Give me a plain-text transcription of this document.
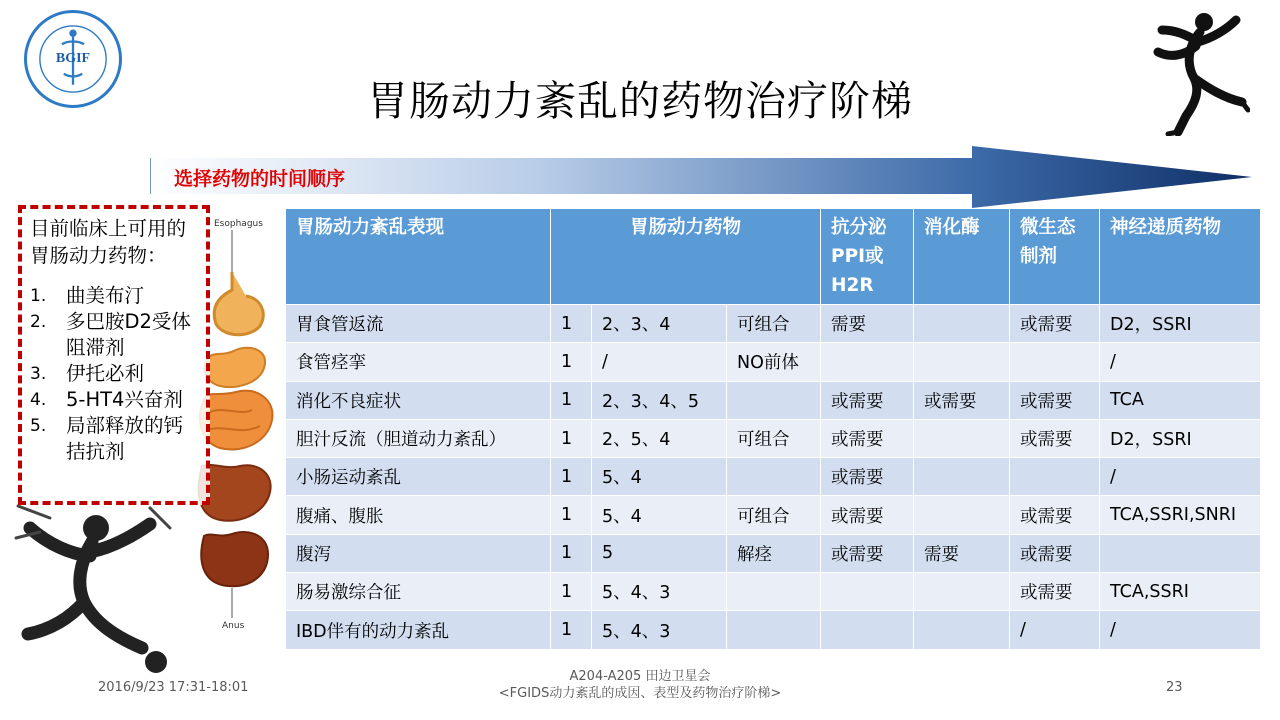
BGIF
胃肠动力紊乱的药物治疗阶梯
选择药物的时间顺序
Esophagus
Anus
目前临床上可用的胃肠动力药物：
1.	曲美布汀
2.	多巴胺D2受体阻滞剂
3.	伊托必利
4.	5-HT4兴奋剂
5.	局部释放的钙拮抗剂
胃肠动力紊乱表现	胃肠动力药物			抗分泌PPI或H2R	消化酶	微生态制剂	神经递质药物
胃食管返流	1	2、3、4	可组合	需要		或需要	D2，SSRI
食管痉挛	1	/	NO前体				/
消化不良症状	1	2、3、4、5		或需要	或需要	或需要	TCA
胆汁反流（胆道动力紊乱）	1	2、5、4	可组合	或需要		或需要	D2，SSRI
小肠运动紊乱	1	5、4		或需要			/
腹痛、腹胀	1	5、4	可组合	或需要		或需要	TCA,SSRI,SNRI
腹泻	1	5	解痉	或需要	需要	或需要	
肠易激综合征	1	5、4、3				或需要	TCA,SSRI
IBD伴有的动力紊乱	1	5、4、3				/	/
2016/9/23 17:31-18:01
A204-A205 田边卫星会
<FGIDS动力紊乱的成因、表型及药物治疗阶梯>	23
